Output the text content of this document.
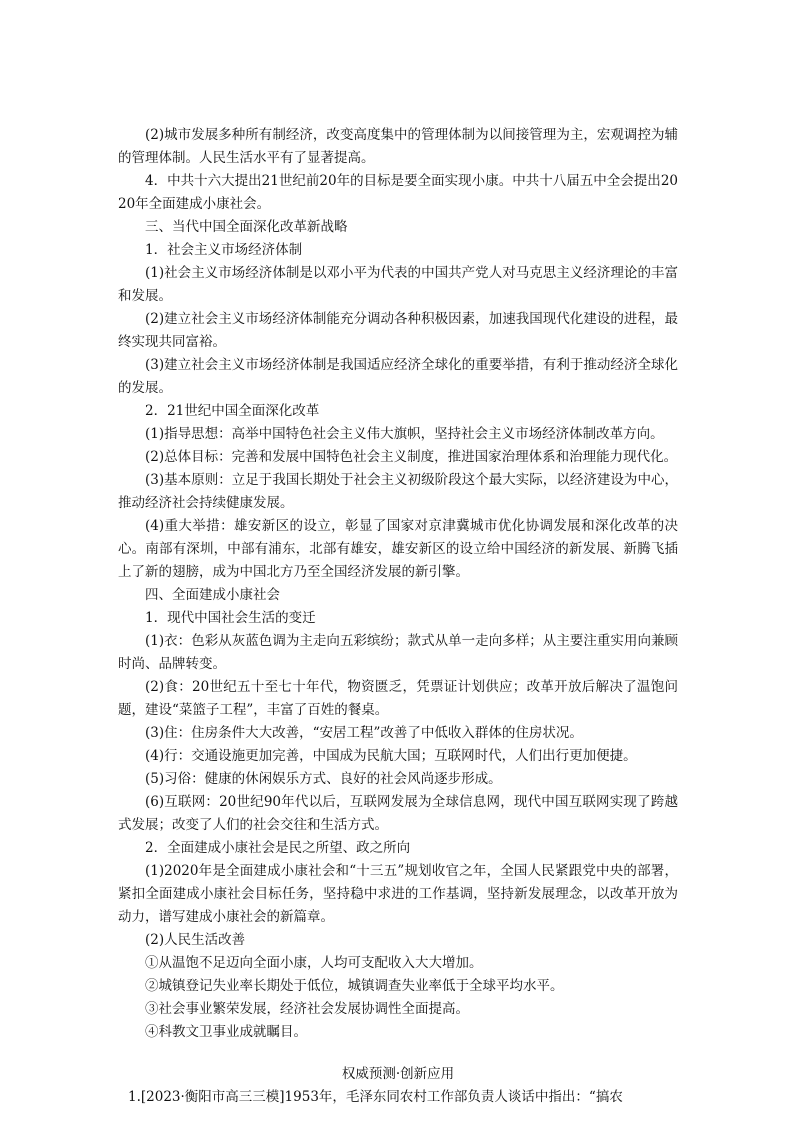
(2)城市发展多种所有制经济，改变高度集中的管理体制为以间接管理为主，宏观调控为辅的管理体制。人民生活水平有了显著提高。

4．中共十六大提出21世纪前20年的目标是要全面实现小康。中共十八届五中全会提出2020年全面建成小康社会。

三、当代中国全面深化改革新战略

1．社会主义市场经济体制

(1)社会主义市场经济体制是以邓小平为代表的中国共产党人对马克思主义经济理论的丰富和发展。

(2)建立社会主义市场经济体制能充分调动各种积极因素，加速我国现代化建设的进程，最终实现共同富裕。

(3)建立社会主义市场经济体制是我国适应经济全球化的重要举措，有利于推动经济全球化的发展。

2．21世纪中国全面深化改革

(1)指导思想：高举中国特色社会主义伟大旗帜，坚持社会主义市场经济体制改革方向。

(2)总体目标：完善和发展中国特色社会主义制度，推进国家治理体系和治理能力现代化。

(3)基本原则：立足于我国长期处于社会主义初级阶段这个最大实际，以经济建设为中心，推动经济社会持续健康发展。

(4)重大举措：雄安新区的设立，彰显了国家对京津冀城市优化协调发展和深化改革的决心。南部有深圳，中部有浦东，北部有雄安，雄安新区的设立给中国经济的新发展、新腾飞插上了新的翅膀，成为中国北方乃至全国经济发展的新引擎。

四、全面建成小康社会

1．现代中国社会生活的变迁

(1)衣：色彩从灰蓝色调为主走向五彩缤纷；款式从单一走向多样；从主要注重实用向兼顾时尚、品牌转变。

(2)食：20世纪五十至七十年代，物资匮乏，凭票证计划供应；改革开放后解决了温饱问题，建设“菜篮子工程”，丰富了百姓的餐桌。

(3)住：住房条件大大改善，“安居工程”改善了中低收入群体的住房状况。

(4)行：交通设施更加完善，中国成为民航大国；互联网时代，人们出行更加便捷。

(5)习俗：健康的休闲娱乐方式、良好的社会风尚逐步形成。

(6)互联网：20世纪90年代以后，互联网发展为全球信息网，现代中国互联网实现了跨越式发展；改变了人们的社会交往和生活方式。

2．全面建成小康社会是民之所望、政之所向

(1)2020年是全面建成小康社会和“十三五”规划收官之年，全国人民紧跟党中央的部署，紧扣全面建成小康社会目标任务，坚持稳中求进的工作基调，坚持新发展理念，以改革开放为动力，谱写建成小康社会的新篇章。

(2)人民生活改善

①从温饱不足迈向全面小康，人均可支配收入大大增加。

②城镇登记失业率长期处于低位，城镇调查失业率低于全球平均水平。

③社会事业繁荣发展，经济社会发展协调性全面提高。

④科教文卫事业成就瞩目。

权威预测·创新应用

1.[2023·衡阳市高三三模]1953年，毛泽东同农村工作部负责人谈话中指出：“搞农
